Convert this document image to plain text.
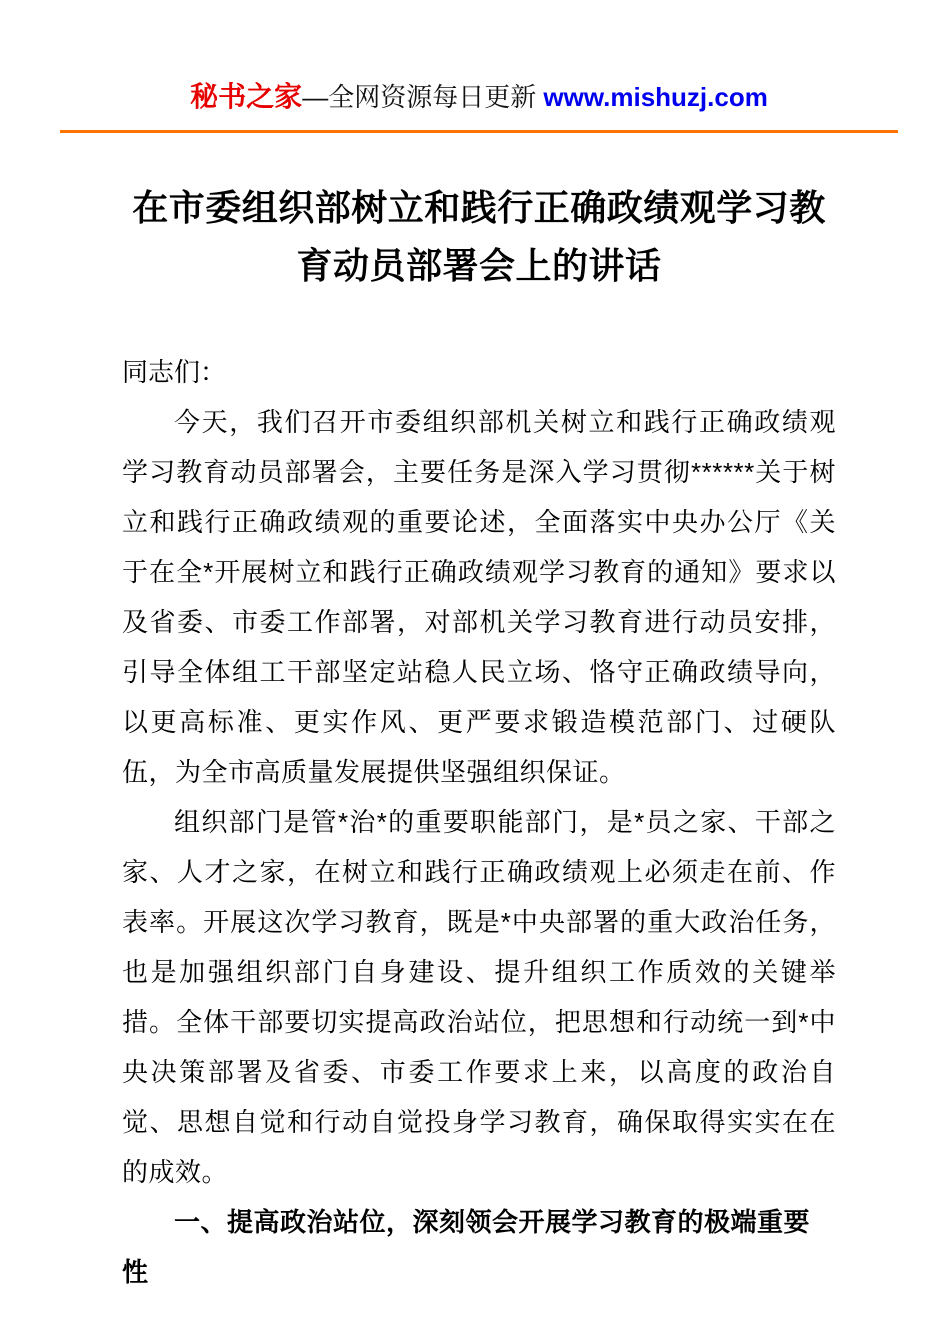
秘书之家—全网资源每日更新 www.mishuzj.com
在市委组织部树立和践行正确政绩观学习教育动员部署会上的讲话

同志们：

今天，我们召开市委组织部机关树立和践行正确政绩观学习教育动员部署会，主要任务是深入学习贯彻******关于树立和践行正确政绩观的重要论述，全面落实中央办公厅《关于在全*开展树立和践行正确政绩观学习教育的通知》要求以及省委、市委工作部署，对部机关学习教育进行动员安排，引导全体组工干部坚定站稳人民立场、恪守正确政绩导向，以更高标准、更实作风、更严要求锻造模范部门、过硬队伍，为全市高质量发展提供坚强组织保证。

组织部门是管*治*的重要职能部门，是*员之家、干部之家、人才之家，在树立和践行正确政绩观上必须走在前、作表率。开展这次学习教育，既是*中央部署的重大政治任务，也是加强组织部门自身建设、提升组织工作质效的关键举措。全体干部要切实提高政治站位，把思想和行动统一到*中央决策部署及省委、市委工作要求上来，以高度的政治自觉、思想自觉和行动自觉投身学习教育，确保取得实实在在的成效。

一、提高政治站位，深刻领会开展学习教育的极端重要性
